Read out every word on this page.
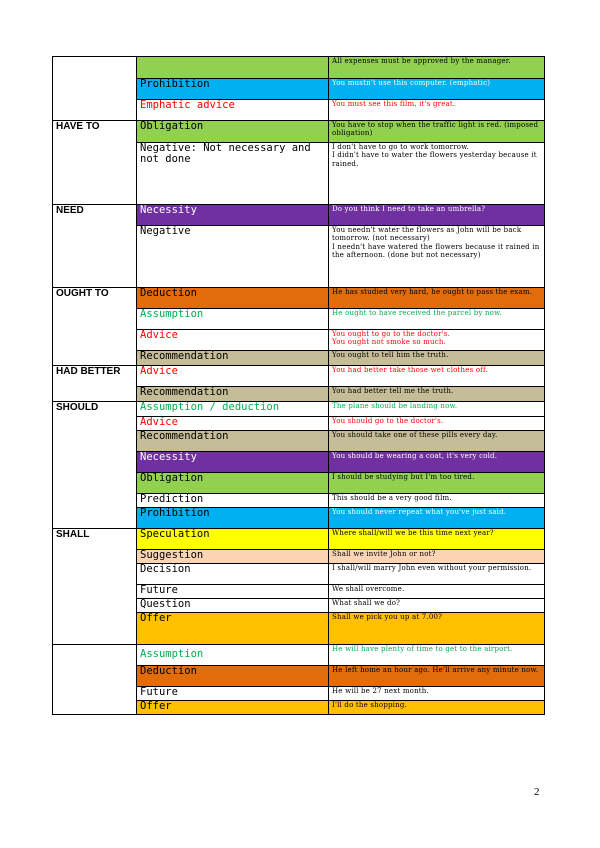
		All expenses must be approved by the manager.
	Prohibition	You mustn't use this computer. (emphatic)
	Emphatic advice	You must see this film, it's great.
HAVE TO	Obligation	You have to stop when the traffic light is red. (imposed obligation)
	Negative: Not necessary and not done	I don't have to go to work tomorrow.
I didn't have to water the flowers yesterday because it rained.
NEED	Necessity	Do you think I need to take an umbrella?
	Negative	You needn't water the flowers as John will be back tomorrow. (not necessary)
I needn't have watered the flowers because it rained in the afternoon. (done but not necessary)
OUGHT TO	Deduction	He has studied very hard, he ought to pass the exam.
	Assumption	He ought to have received the parcel by now.
	Advice	You ought to go to the doctor's.
You ought not smoke so much.
	Recommendation	You ought to tell him the truth.
HAD BETTER	Advice	You had better take those wet clothes off.
	Recommendation	You had better tell me the truth.
SHOULD	Assumption / deduction	The plane should be landing now.
	Advice	You should go to the doctor's.
	Recommendation	You should take one of these pills every day.
	Necessity	You should be wearing a coat, it's very cold.
	Obligation	I should be studying but I'm too tired.
	Prediction	This should be a very good film.
	Prohibition	You should never repeat what you've just said.
SHALL	Speculation	Where shall/will we be this time next year?
	Suggestion	Shall we invite John or not?
	Decision	I shall/will marry John even without your permission.
	Future	We shall overcome.
	Question	What shall we do?
	Offer	Shall we pick you up at 7.00?
	Assumption	He will have plenty of time to get to the airport.
	Deduction	He left home an hour ago. He'll arrive any minute now.
	Future	He will be 27 next month.
	Offer	I'll do the shopping.
2
